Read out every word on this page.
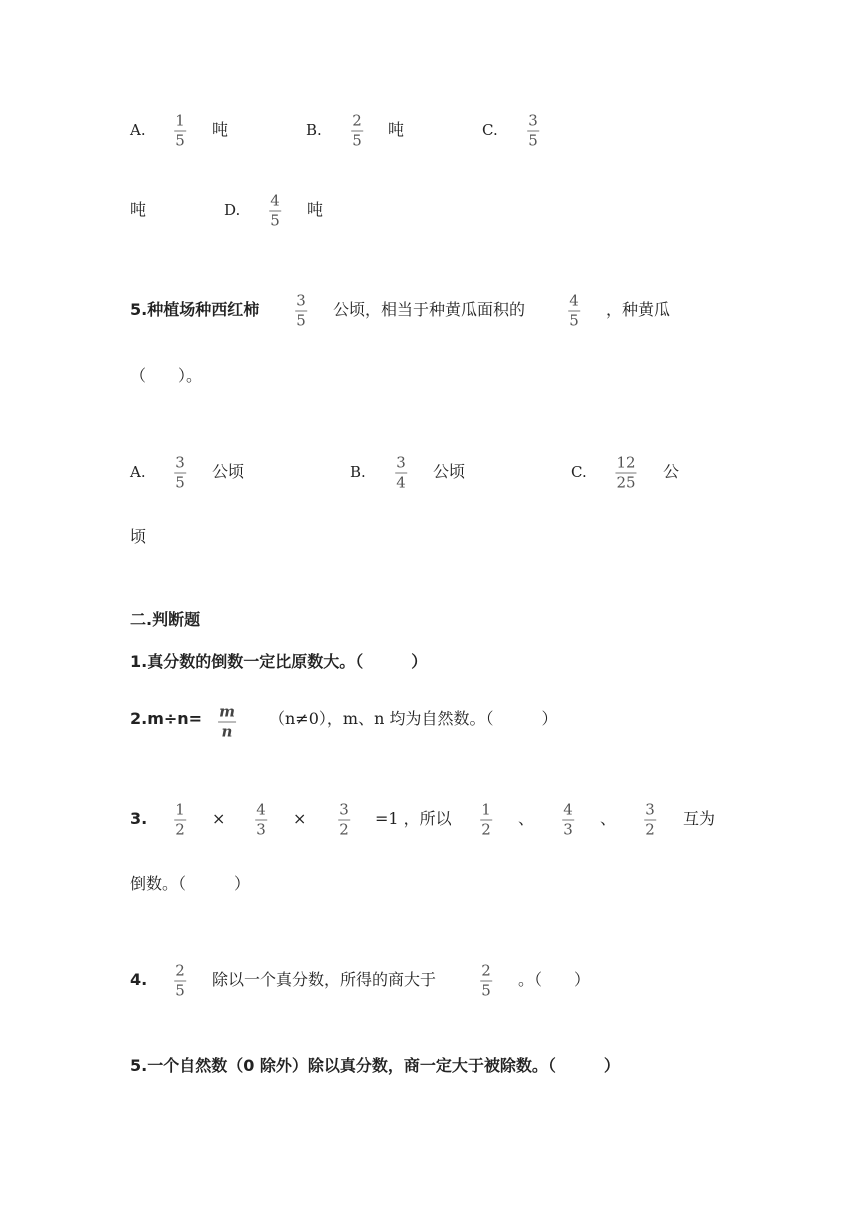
A.
1
5
吨	B.
2
5
吨	C.
3
5
吨	D.
4
5
吨
5.种植场种西红柿 3
5
公顷，相当于种黄瓜面积的	4
5
，种黄瓜
（　　）。
A.
3
5
公顷	B.
3
4
公顷	C.
12
25
公
顷
二.判断题
1.真分数的倒数一定比原数大。（　　　）
2.m÷n= m
n
（n≠0），m、n 均为自然数。（　　　）
3. 1
2
× 4
3
× 3
2
=1 ，所以 1
2
、 4
3
、 3
2
互为
倒数。（　　　）
4. 2
5
除以一个真分数，所得的商大于	2
5
。（　　）
5.一个自然数（0 除外）除以真分数，商一定大于被除数。（　　　）
